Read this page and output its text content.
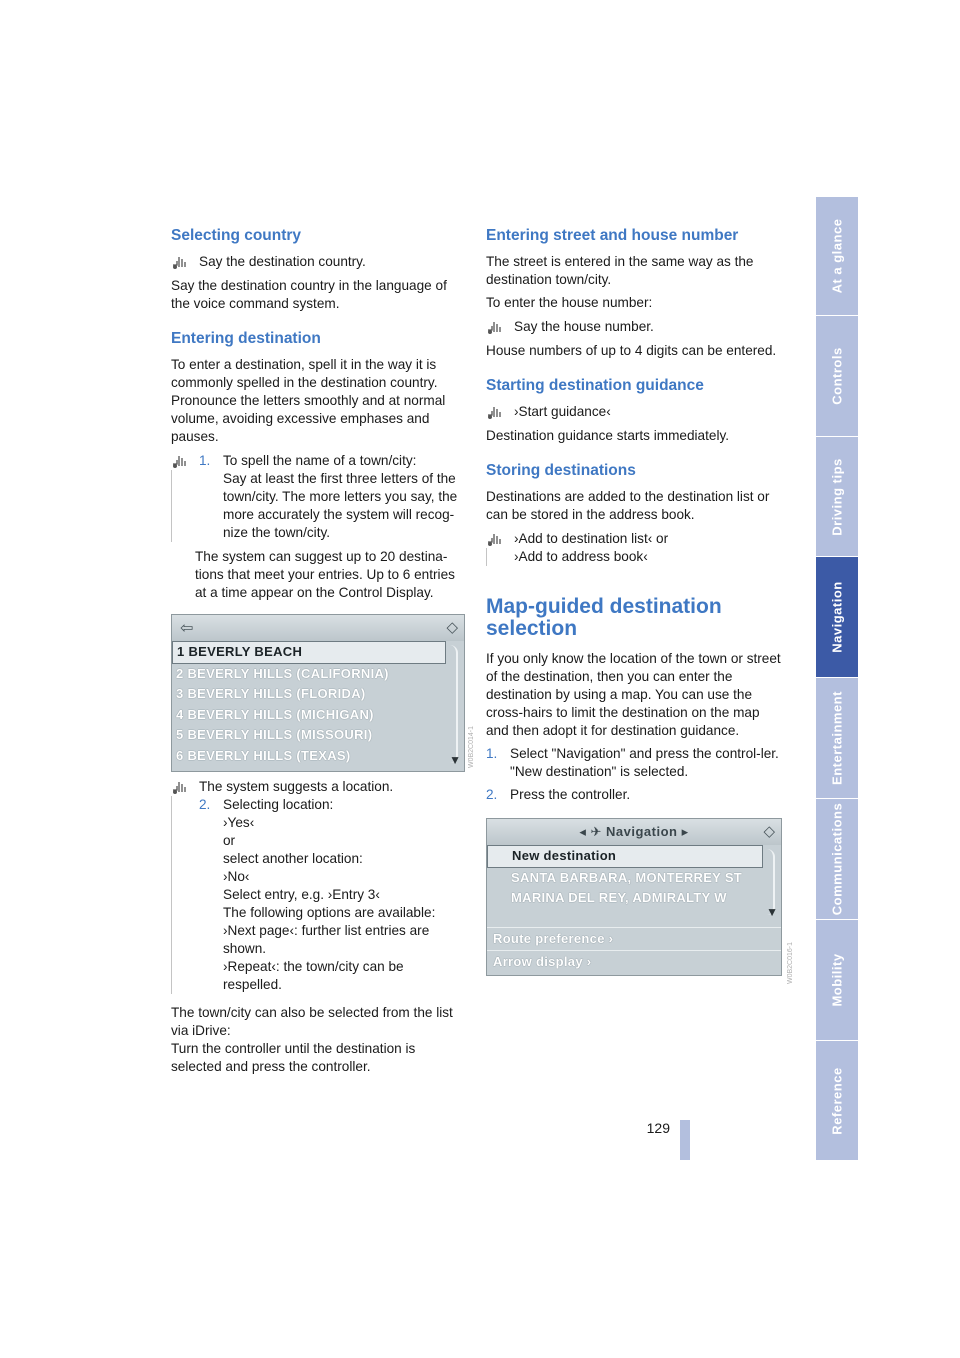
Selecting country
Say the destination country.

Say the destination country in the language of the voice command system.

Entering destination

To enter a destination, spell it in the way it is commonly spelled in the destination country. Pronounce the letters smoothly and at normal volume, avoiding excessive emphases and pauses.

1. To spell the name of a town/city:
Say at least the first three letters of the town/city. The more letters you say, the more accurately the system will recog-nize the town/city.

The system can suggest up to 20 destina-tions that meet your entries. Up to 6 entries at a time appear on the Control Display.

⇦	◇
1 BEVERLY BEACH
2 BEVERLY HILLS (CALIFORNIA)
3 BEVERLY HILLS (FLORIDA)
4 BEVERLY HILLS (MICHIGAN)
5 BEVERLY HILLS (MISSOURI)
6 BEVERLY HILLS (TEXAS)	▼
The system suggests a location.
2. Selecting location:
›Yes‹
or
select another location:
›No‹
Select entry, e.g. ›Entry 3‹
The following options are available:
›Next page‹: further list entries are shown.
›Repeat‹: the town/city can be respelled.

The town/city can also be selected from the list via iDrive:

Turn the controller until the destination is selected and press the controller.

W0B2C014-1
Entering street and house number

The street is entered in the same way as the destination town/city.

To enter the house number:

Say the house number.

House numbers of up to 4 digits can be entered.

Starting destination guidance
›Start guidance‹

Destination guidance starts immediately.

Storing destinations

Destinations are added to the destination list or can be stored in the address book.

›Add to destination list‹ or
›Add to address book‹
Map-guided destination selection

If you only know the location of the town or street of the destination, then you can enter the destination by using a map. You can use the cross-hairs to limit the destination on the map and then adopt it for destination guidance.

1. Select "Navigation" and press the control-ler.
"New destination" is selected.
2. Press the controller.
◂ ✈ Navigation ▸	◇
New destination
SANTA BARBARA, MONTERREY ST
MARINA DEL REY, ADMIRALTY W
▼
Route preference ›
Arrow display ›	W0B2C016-1
At a glance
Controls
Driving tips
Navigation
Entertainment
Communications
Mobility
Reference
129
